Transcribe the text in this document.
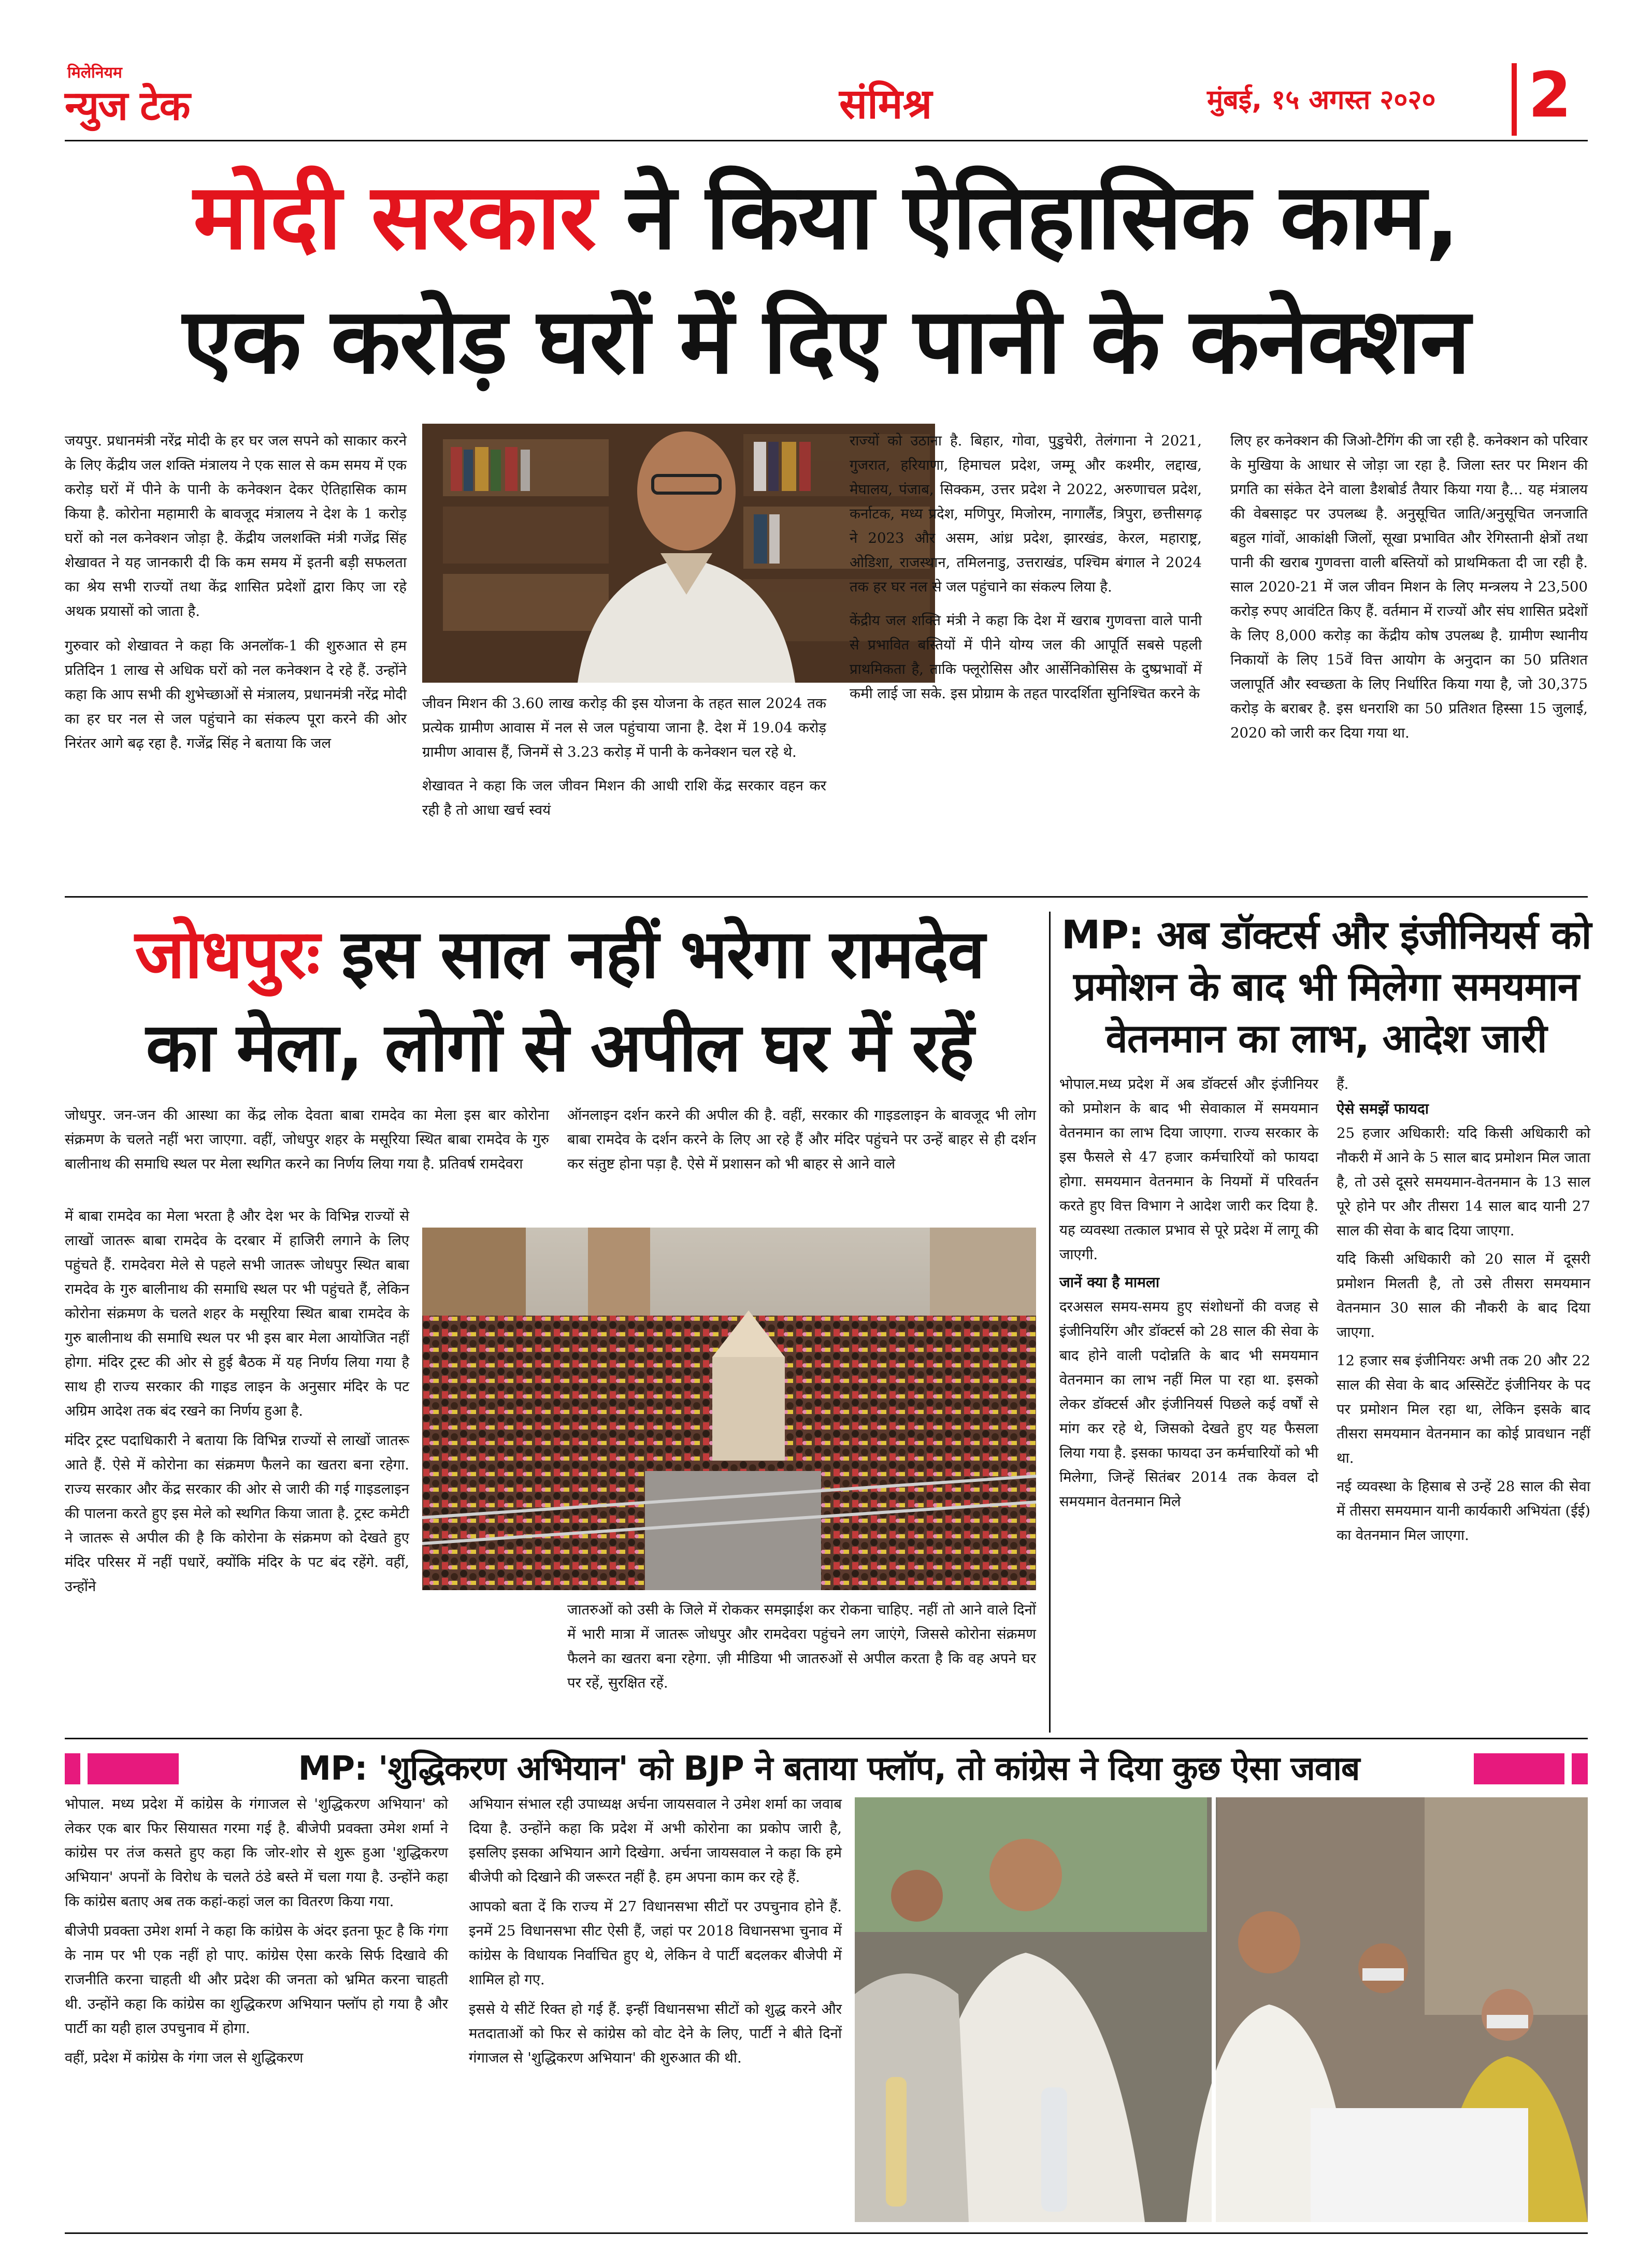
मिलेनियम
न्युज टेक	संमिश्र	मुंबई, १५ अगस्त २०२० 2
मोदी सरकार ने किया ऐतिहासिक काम,
एक करोड़ घरों में दिए पानी के कनेक्शन

जयपुर. प्रधानमंत्री नरेंद्र मोदी के हर घर जल सपने को साकार करने के लिए केंद्रीय जल शक्ति मंत्रालय ने एक साल से कम समय में एक करोड़ घरों में पीने के पानी के कनेक्शन देकर ऐतिहासिक काम किया है. कोरोना महामारी के बावजूद मंत्रालय ने देश के 1 करोड़ घरों को नल कनेक्शन जोड़ा है. केंद्रीय जलशक्ति मंत्री गजेंद्र सिंह शेखावत ने यह जानकारी दी कि कम समय में इतनी बड़ी सफलता का श्रेय सभी राज्यों तथा केंद्र शासित प्रदेशों द्वारा किए जा रहे अथक प्रयासों को जाता है.

गुरुवार को शेखावत ने कहा कि अनलॉक-1 की शुरुआत से हम प्रतिदिन 1 लाख से अधिक घरों को नल कनेक्शन दे रहे हैं. उन्होंने कहा कि आप सभी की शुभेच्छाओं से मंत्रालय, प्रधानमंत्री नरेंद्र मोदी का हर घर नल से जल पहुंचाने का संकल्प पूरा करने की ओर निरंतर आगे बढ़ रहा है. गजेंद्र सिंह ने बताया कि जल

जीवन मिशन की 3.60 लाख करोड़ की इस योजना के तहत साल 2024 तक प्रत्येक ग्रामीण आवास में नल से जल पहुंचाया जाना है. देश में 19.04 करोड़ ग्रामीण आवास हैं, जिनमें से 3.23 करोड़ में पानी के कनेक्शन चल रहे थे.

शेखावत ने कहा कि जल जीवन मिशन की आधी राशि केंद्र सरकार वहन कर रही है तो आधा खर्च स्वयं

राज्यों को उठाना है. बिहार, गोवा, पुडुचेरी, तेलंगाना ने 2021, गुजरात, हरियाणा, हिमाचल प्रदेश, जम्मू और कश्मीर, लद्दाख, मेघालय, पंजाब, सिक्कम, उत्तर प्रदेश ने 2022, अरुणाचल प्रदेश, कर्नाटक, मध्य प्रदेश, मणिपुर, मिजोरम, नागालैंड, त्रिपुरा, छत्तीसगढ़ ने 2023 और असम, आंध्र प्रदेश, झारखंड, केरल, महाराष्ट्र, ओडिशा, राजस्थान, तमिलनाडु, उत्तराखंड, पश्चिम बंगाल ने 2024 तक हर घर नल से जल पहुंचाने का संकल्प लिया है.

केंद्रीय जल शक्ति मंत्री ने कहा कि देश में खराब गुणवत्ता वाले पानी से प्रभावित बस्तियों में पीने योग्य जल की आपूर्ति सबसे पहली प्राथमिकता है, ताकि फ्लूरोसिस और आर्सेनिकोसिस के दुष्प्रभावों में कमी लाई जा सके. इस प्रोग्राम के तहत पारदर्शिता सुनिश्चित करने के

लिए हर कनेक्शन की जिओ-टैगिंग की जा रही है. कनेक्शन को परिवार के मुखिया के आधार से जोड़ा जा रहा है. जिला स्तर पर मिशन की प्रगति का संकेत देने वाला डैशबोर्ड तैयार किया गया है... यह मंत्रालय की वेबसाइट पर उपलब्ध है. अनुसूचित जाति/अनुसूचित जनजाति बहुल गांवों, आकांक्षी जिलों, सूखा प्रभावित और रेगिस्तानी क्षेत्रों तथा पानी की खराब गुणवत्ता वाली बस्तियों को प्राथमिकता दी जा रही है. साल 2020-21 में जल जीवन मिशन के लिए मन्त्रलय ने 23,500 करोड़ रुपए आवंटित किए हैं. वर्तमान में राज्यों और संघ शासित प्रदेशों के लिए 8,000 करोड़ का केंद्रीय कोष उपलब्ध है. ग्रामीण स्थानीय निकायों के लिए 15वें वित्त आयोग के अनुदान का 50 प्रतिशत जलापूर्ति और स्वच्छता के लिए निर्धारित किया गया है, जो 30,375 करोड़ के बराबर है. इस धनराशि का 50 प्रतिशत हिस्सा 15 जुलाई, 2020 को जारी कर दिया गया था.

जोधपुरः इस साल नहीं भरेगा रामदेव
का मेला, लोगों से अपील घर में रहें
जोधपुर. जन-जन की आस्था का केंद्र लोक देवता बाबा रामदेव का मेला इस बार कोरोना संक्रमण के चलते नहीं भरा जाएगा. वहीं, जोधपुर शहर के मसूरिया स्थित बाबा रामदेव के गुरु बालीनाथ की समाधि स्थल पर मेला स्थगित करने का निर्णय लिया गया है. प्रतिवर्ष रामदेवरा
ऑनलाइन दर्शन करने की अपील की है. वहीं, सरकार की गाइडलाइन के बावजूद भी लोग बाबा रामदेव के दर्शन करने के लिए आ रहे हैं और मंदिर पहुंचने पर उन्हें बाहर से ही दर्शन कर संतुष्ट होना पड़ा है. ऐसे में प्रशासन को भी बाहर से आने वाले

में बाबा रामदेव का मेला भरता है और देश भर के विभिन्न राज्यों से लाखों जातरू बाबा रामदेव के दरबार में हाजिरी लगाने के लिए पहुंचते हैं. रामदेवरा मेले से पहले सभी जातरू जोधपुर स्थित बाबा रामदेव के गुरु बालीनाथ की समाधि स्थल पर भी पहुंचते हैं, लेकिन कोरोना संक्रमण के चलते शहर के मसूरिया स्थित बाबा रामदेव के गुरु बालीनाथ की समाधि स्थल पर भी इस बार मेला आयोजित नहीं होगा. मंदिर ट्रस्ट की ओर से हुई बैठक में यह निर्णय लिया गया है साथ ही राज्य सरकार की गाइड लाइन के अनुसार मंदिर के पट अग्रिम आदेश तक बंद रखने का निर्णय हुआ है.

मंदिर ट्रस्ट पदाधिकारी ने बताया कि विभिन्न राज्यों से लाखों जातरू आते हैं. ऐसे में कोरोना का संक्रमण फैलने का खतरा बना रहेगा. राज्य सरकार और केंद्र सरकार की ओर से जारी की गई गाइडलाइन की पालना करते हुए इस मेले को स्थगित किया जाता है. ट्रस्ट कमेटी ने जातरू से अपील की है कि कोरोना के संक्रमण को देखते हुए मंदिर परिसर में नहीं पधारें, क्योंकि मंदिर के पट बंद रहेंगे. वहीं, उन्होंने

जातरुओं को उसी के जिले में रोककर समझाईश कर रोकना चाहिए. नहीं तो आने वाले दिनों में भारी मात्रा में जातरू जोधपुर और रामदेवरा पहुंचने लग जाएंगे, जिससे कोरोना संक्रमण फैलने का खतरा बना रहेगा. ज़ी मीडिया भी जातरुओं से अपील करता है कि वह अपने घर पर रहें, सुरक्षित रहें.
MP: अब डॉक्टर्स और इंजीनियर्स को
प्रमोशन के बाद भी मिलेगा समयमान
वेतनमान का लाभ, आदेश जारी

भोपाल.मध्य प्रदेश में अब डॉक्टर्स और इंजीनियर को प्रमोशन के बाद भी सेवाकाल में समयमान वेतनमान का लाभ दिया जाएगा. राज्य सरकार के इस फैसले से 47 हजार कर्मचारियों को फायदा होगा. समयमान वेतनमान के नियमों में परिवर्तन करते हुए वित्त विभाग ने आदेश जारी कर दिया है. यह व्यवस्था तत्काल प्रभाव से पूरे प्रदेश में लागू की जाएगी.

जानें क्या है मामला

दरअसल समय-समय हुए संशोधनों की वजह से इंजीनियरिंग और डॉक्टर्स को 28 साल की सेवा के बाद होने वाली पदोन्नति के बाद भी समयमान वेतनमान का लाभ नहीं मिल पा रहा था. इसको लेकर डॉक्टर्स और इंजीनियर्स पिछले कई वर्षों से मांग कर रहे थे, जिसको देखते हुए यह फैसला लिया गया है. इसका फायदा उन कर्मचारियों को भी मिलेगा, जिन्हें सितंबर 2014 तक केवल दो समयमान वेतनमान मिले

हैं.

ऐसे समझें फायदा

25 हजार अधिकारी: यदि किसी अधिकारी को नौकरी में आने के 5 साल बाद प्रमोशन मिल जाता है, तो उसे दूसरे समयमान-वेतनमान के 13 साल पूरे होने पर और तीसरा 14 साल बाद यानी 27 साल की सेवा के बाद दिया जाएगा.

यदि किसी अधिकारी को 20 साल में दूसरी प्रमोशन मिलती है, तो उसे तीसरा समयमान वेतनमान 30 साल की नौकरी के बाद दिया जाएगा.

12 हजार सब इंजीनियरः अभी तक 20 और 22 साल की सेवा के बाद अस्सिटेंट इंजीनियर के पद पर प्रमोशन मिल रहा था, लेकिन इसके बाद तीसरा समयमान वेतनमान का कोई प्रावधान नहीं था.

नई व्यवस्था के हिसाब से उन्हें 28 साल की सेवा में तीसरा समयमान यानी कार्यकारी अभियंता (ईई) का वेतनमान मिल जाएगा.

MP: 'शुद्धिकरण अभियान' को BJP ने बताया फ्लॉप, तो कांग्रेस ने दिया कुछ ऐसा जवाब

भोपाल. मध्य प्रदेश में कांग्रेस के गंगाजल से 'शुद्धिकरण अभियान' को लेकर एक बार फिर सियासत गरमा गई है. बीजेपी प्रवक्ता उमेश शर्मा ने कांग्रेस पर तंज कसते हुए कहा कि जोर-शोर से शुरू हुआ 'शुद्धिकरण अभियान' अपनों के विरोध के चलते ठंडे बस्ते में चला गया है. उन्होंने कहा कि कांग्रेस बताए अब तक कहां-कहां जल का वितरण किया गया.

बीजेपी प्रवक्ता उमेश शर्मा ने कहा कि कांग्रेस के अंदर इतना फूट है कि गंगा के नाम पर भी एक नहीं हो पाए. कांग्रेस ऐसा करके सिर्फ दिखावे की राजनीति करना चाहती थी और प्रदेश की जनता को भ्रमित करना चाहती थी. उन्होंने कहा कि कांग्रेस का शुद्धिकरण अभियान फ्लॉप हो गया है और पार्टी का यही हाल उपचुनाव में होगा.

वहीं, प्रदेश में कांग्रेस के गंगा जल से शुद्धिकरण

अभियान संभाल रही उपाध्यक्ष अर्चना जायसवाल ने उमेश शर्मा का जवाब दिया है. उन्होंने कहा कि प्रदेश में अभी कोरोना का प्रकोप जारी है, इसलिए इसका अभियान आगे दिखेगा. अर्चना जायसवाल ने कहा कि हमे बीजेपी को दिखाने की जरूरत नहीं है. हम अपना काम कर रहे हैं.

आपको बता दें कि राज्य में 27 विधानसभा सीटों पर उपचुनाव होने हैं. इनमें 25 विधानसभा सीट ऐसी हैं, जहां पर 2018 विधानसभा चुनाव में कांग्रेस के विधायक निर्वाचित हुए थे, लेकिन वे पार्टी बदलकर बीजेपी में शामिल हो गए.

इससे ये सीटें रिक्त हो गई हैं. इन्हीं विधानसभा सीटों को शुद्ध करने और मतदाताओं को फिर से कांग्रेस को वोट देने के लिए, पार्टी ने बीते दिनों गंगाजल से 'शुद्धिकरण अभियान' की शुरुआत की थी.
